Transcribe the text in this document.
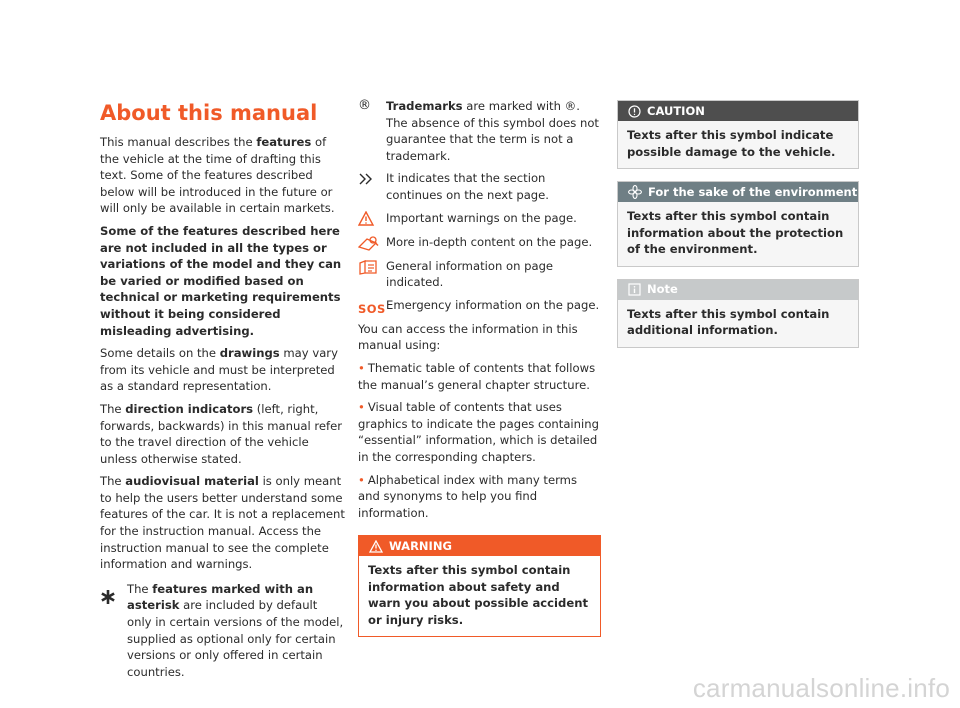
About this manual

This manual describes the features of the vehicle at the time of drafting this text. Some of the features described below will be introduced in the future or will only be available in certain markets.

Some of the features described here are not included in all the types or variations of the model and they can be varied or modified based on technical or marketing requirements without it being considered misleading advertising.

Some details on the drawings may vary from its vehicle and must be interpreted as a standard representation.

The direction indicators (left, right, forwards, backwards) in this manual refer to the travel direction of the vehicle unless otherwise stated.

The audiovisual material is only meant to help the users better understand some features of the car. It is not a replacement for the instruction manual. Access the instruction manual to see the complete information and warnings.

The features marked with an asterisk are included by default only in certain versions of the model, supplied as optional only for certain versions or only offered in certain countries.
®	Trademarks are marked with ®. The absence of this symbol does not guarantee that the term is not a trademark.
It indicates that the section continues on the next page.
Important warnings on the page.
More in-depth content on the page.
General information on page indicated.
SOS Emergency information on the page.

You can access the information in this manual using:

• Thematic table of contents that follows the manual’s general chapter structure.

• Visual table of contents that uses graphics to indicate the pages containing “essential” information, which is detailed in the corresponding chapters.

• Alphabetical index with many terms and synonyms to help you find information.

WARNING
Texts after this symbol contain information about safety and warn you about possible accident or injury risks.
CAUTION
Texts after this symbol indicate possible damage to the vehicle.
For the sake of the environment
Texts after this symbol contain information about the protection of the environment.
Note
Texts after this symbol contain additional information.
carmanualsonline.info
